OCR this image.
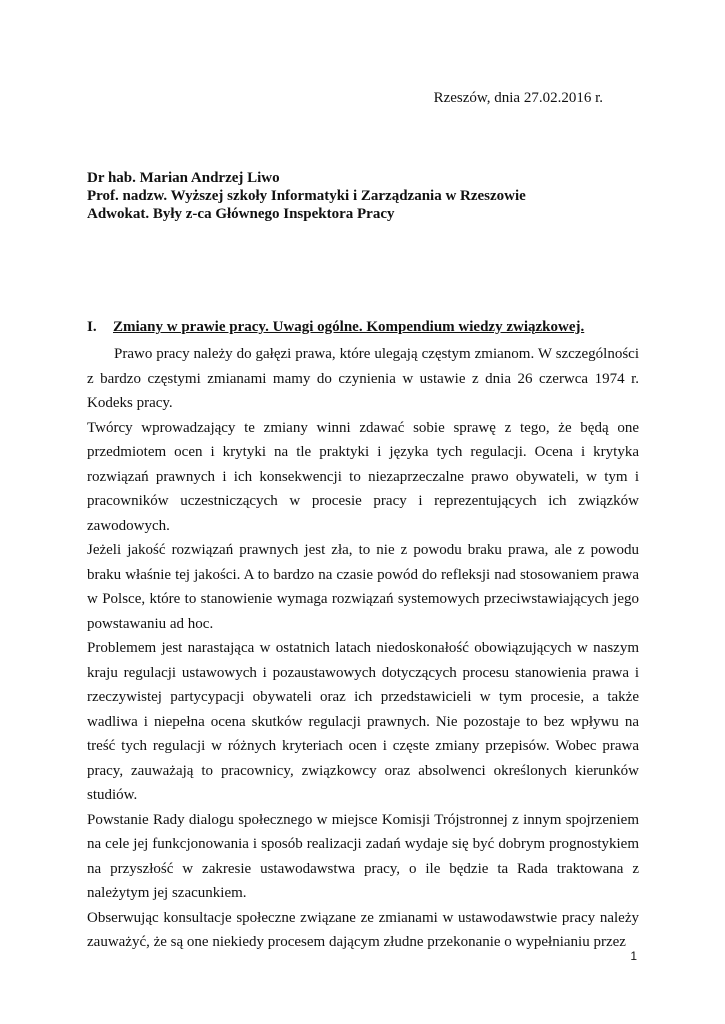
Rzeszów, dnia 27.02.2016 r.
Dr hab. Marian Andrzej Liwo
Prof. nadzw. Wyższej szkoły Informatyki i Zarządzania w Rzeszowie
Adwokat. Były z-ca Głównego Inspektora Pracy
I. Zmiany w prawie pracy. Uwagi ogólne. Kompendium wiedzy związkowej.

Prawo pracy należy do gałęzi prawa, które ulegają częstym zmianom. W szczególności z bardzo częstymi zmianami mamy do czynienia w ustawie z dnia 26 czerwca 1974 r. Kodeks pracy.

Twórcy wprowadzający te zmiany winni zdawać sobie sprawę z tego, że będą one przedmiotem ocen i krytyki na tle praktyki i języka tych regulacji. Ocena i krytyka rozwiązań prawnych i ich konsekwencji to niezaprzeczalne prawo obywateli, w tym i pracowników uczestniczących w procesie pracy i reprezentujących ich związków zawodowych.

Jeżeli jakość rozwiązań prawnych jest zła, to nie z powodu braku prawa, ale z powodu braku właśnie tej jakości. A to bardzo na czasie powód do refleksji nad stosowaniem prawa w Polsce, które to stanowienie wymaga rozwiązań systemowych przeciwstawiających jego powstawaniu ad hoc.

Problemem jest narastająca w ostatnich latach niedoskonałość obowiązujących w naszym kraju regulacji ustawowych i pozaustawowych dotyczących procesu stanowienia prawa i rzeczywistej partycypacji obywateli oraz ich przedstawicieli w tym procesie, a także wadliwa i niepełna ocena skutków regulacji prawnych. Nie pozostaje to bez wpływu na treść tych regulacji w różnych kryteriach ocen i częste zmiany przepisów. Wobec prawa pracy, zauważają to pracownicy, związkowcy oraz absolwenci określonych kierunków studiów.

Powstanie Rady dialogu społecznego w miejsce Komisji Trójstronnej z innym spojrzeniem na cele jej funkcjonowania i sposób realizacji zadań wydaje się być dobrym prognostykiem na przyszłość w zakresie ustawodawstwa pracy, o ile będzie ta Rada traktowana z należytym jej szacunkiem.

Obserwując konsultacje społeczne związane ze zmianami w ustawodawstwie pracy należy zauważyć, że są one niekiedy procesem dającym złudne przekonanie o wypełnianiu przez

1
